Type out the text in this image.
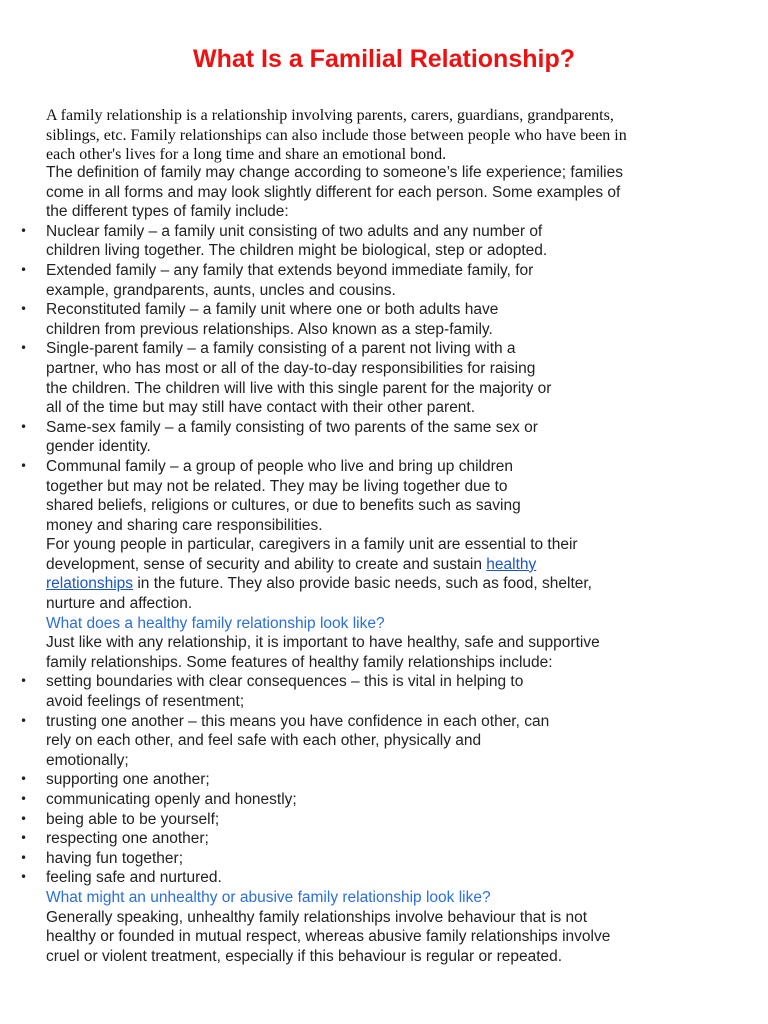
What Is a Familial Relationship?
A family relationship is a relationship involving parents, carers, guardians, grandparents,
siblings, etc. Family relationships can also include those between people who have been in
each other's lives for a long time and share an emotional bond.
The definition of family may change according to someone’s life experience; families
come in all forms and may look slightly different for each person. Some examples of
the different types of family include:
• Nuclear family – a family unit consisting of two adults and any number of
children living together. The children might be biological, step or adopted.
• Extended family – any family that extends beyond immediate family, for
example, grandparents, aunts, uncles and cousins.
• Reconstituted family – a family unit where one or both adults have
children from previous relationships. Also known as a step-family.
• Single-parent family – a family consisting of a parent not living with a
partner, who has most or all of the day-to-day responsibilities for raising
the children. The children will live with this single parent for the majority or
all of the time but may still have contact with their other parent.
• Same-sex family – a family consisting of two parents of the same sex or
gender identity.
• Communal family – a group of people who live and bring up children
together but may not be related. They may be living together due to
shared beliefs, religions or cultures, or due to benefits such as saving
money and sharing care responsibilities.
For young people in particular, caregivers in a family unit are essential to their
development, sense of security and ability to create and sustain healthy
relationships in the future. They also provide basic needs, such as food, shelter,
nurture and affection.
What does a healthy family relationship look like?
Just like with any relationship, it is important to have healthy, safe and supportive
family relationships. Some features of healthy family relationships include:
• setting boundaries with clear consequences – this is vital in helping to
avoid feelings of resentment;
• trusting one another – this means you have confidence in each other, can
rely on each other, and feel safe with each other, physically and
emotionally;
• supporting one another;
• communicating openly and honestly;
• being able to be yourself;
• respecting one another;
• having fun together;
• feeling safe and nurtured.
What might an unhealthy or abusive family relationship look like?
Generally speaking, unhealthy family relationships involve behaviour that is not
healthy or founded in mutual respect, whereas abusive family relationships involve
cruel or violent treatment, especially if this behaviour is regular or repeated.
